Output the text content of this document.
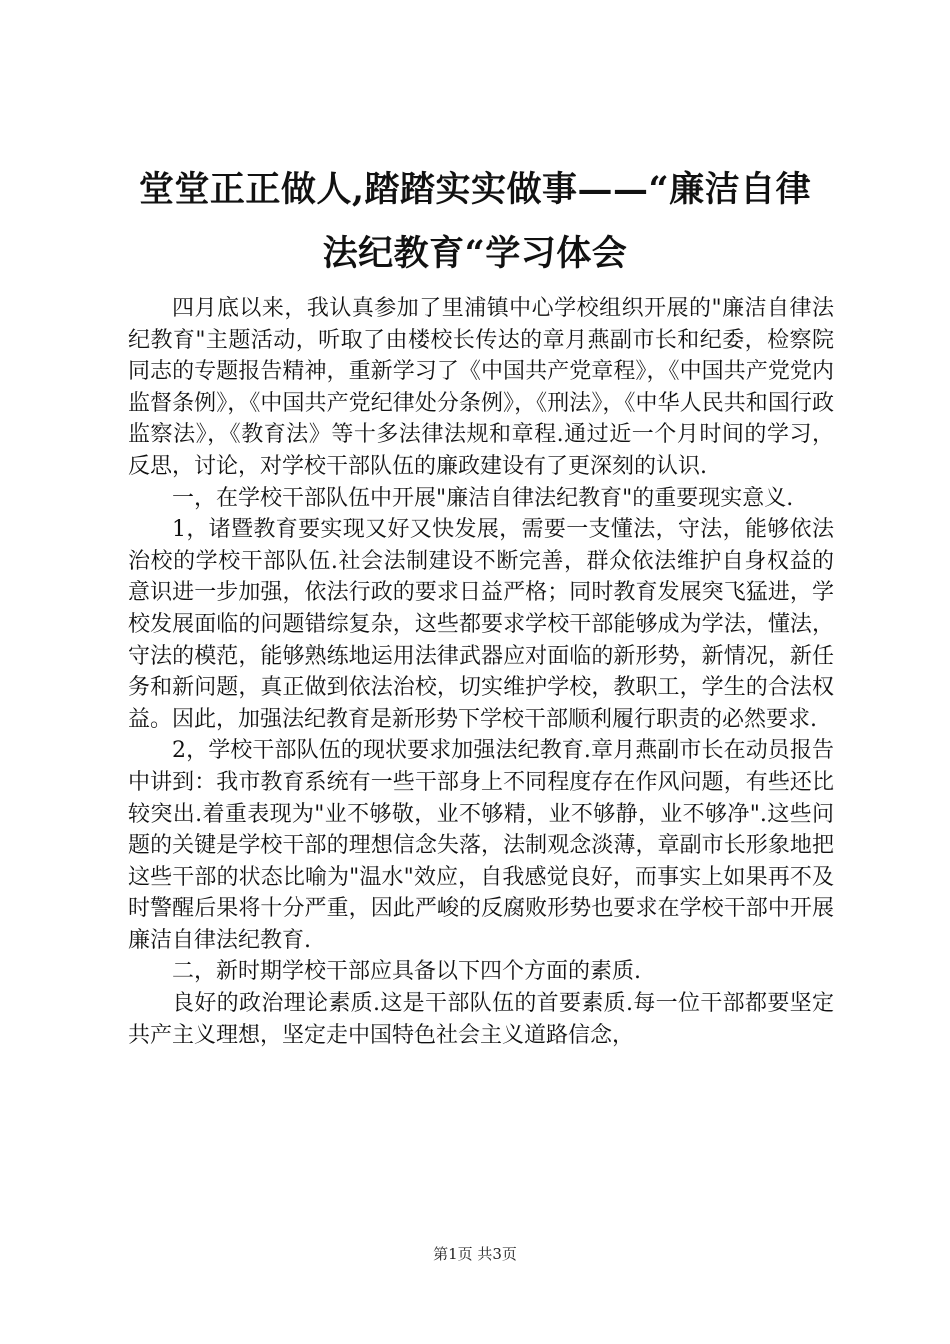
堂堂正正做人,踏踏实实做事——“廉洁自律
法纪教育“学习体会

四月底以来，我认真参加了里浦镇中心学校组织开展的"廉洁自律法纪教育"主题活动，听取了由楼校长传达的章月燕副市长和纪委，检察院同志的专题报告精神，重新学习了《中国共产党章程》，《中国共产党党内监督条例》，《中国共产党纪律处分条例》，《刑法》，《中华人民共和国行政监察法》，《教育法》等十多法律法规和章程.通过近一个月时间的学习，反思，讨论，对学校干部队伍的廉政建设有了更深刻的认识.

一，在学校干部队伍中开展"廉洁自律法纪教育"的重要现实意义.

1，诸暨教育要实现又好又快发展，需要一支懂法，守法，能够依法治校的学校干部队伍.社会法制建设不断完善，群众依法维护自身权益的意识进一步加强，依法行政的要求日益严格；同时教育发展突飞猛进，学校发展面临的问题错综复杂，这些都要求学校干部能够成为学法，懂法，守法的模范，能够熟练地运用法律武器应对面临的新形势，新情况，新任务和新问题，真正做到依法治校，切实维护学校，教职工，学生的合法权益。因此，加强法纪教育是新形势下学校干部顺利履行职责的必然要求.

2，学校干部队伍的现状要求加强法纪教育.章月燕副市长在动员报告中讲到：我市教育系统有一些干部身上不同程度存在作风问题，有些还比较突出.着重表现为"业不够敬，业不够精，业不够静，业不够净".这些问题的关键是学校干部的理想信念失落，法制观念淡薄，章副市长形象地把这些干部的状态比喻为"温水"效应，自我感觉良好，而事实上如果再不及时警醒后果将十分严重，因此严峻的反腐败形势也要求在学校干部中开展廉洁自律法纪教育.

二，新时期学校干部应具备以下四个方面的素质.

良好的政治理论素质.这是干部队伍的首要素质.每一位干部都要坚定共产主义理想，坚定走中国特色社会主义道路信念，

第1页 共3页
